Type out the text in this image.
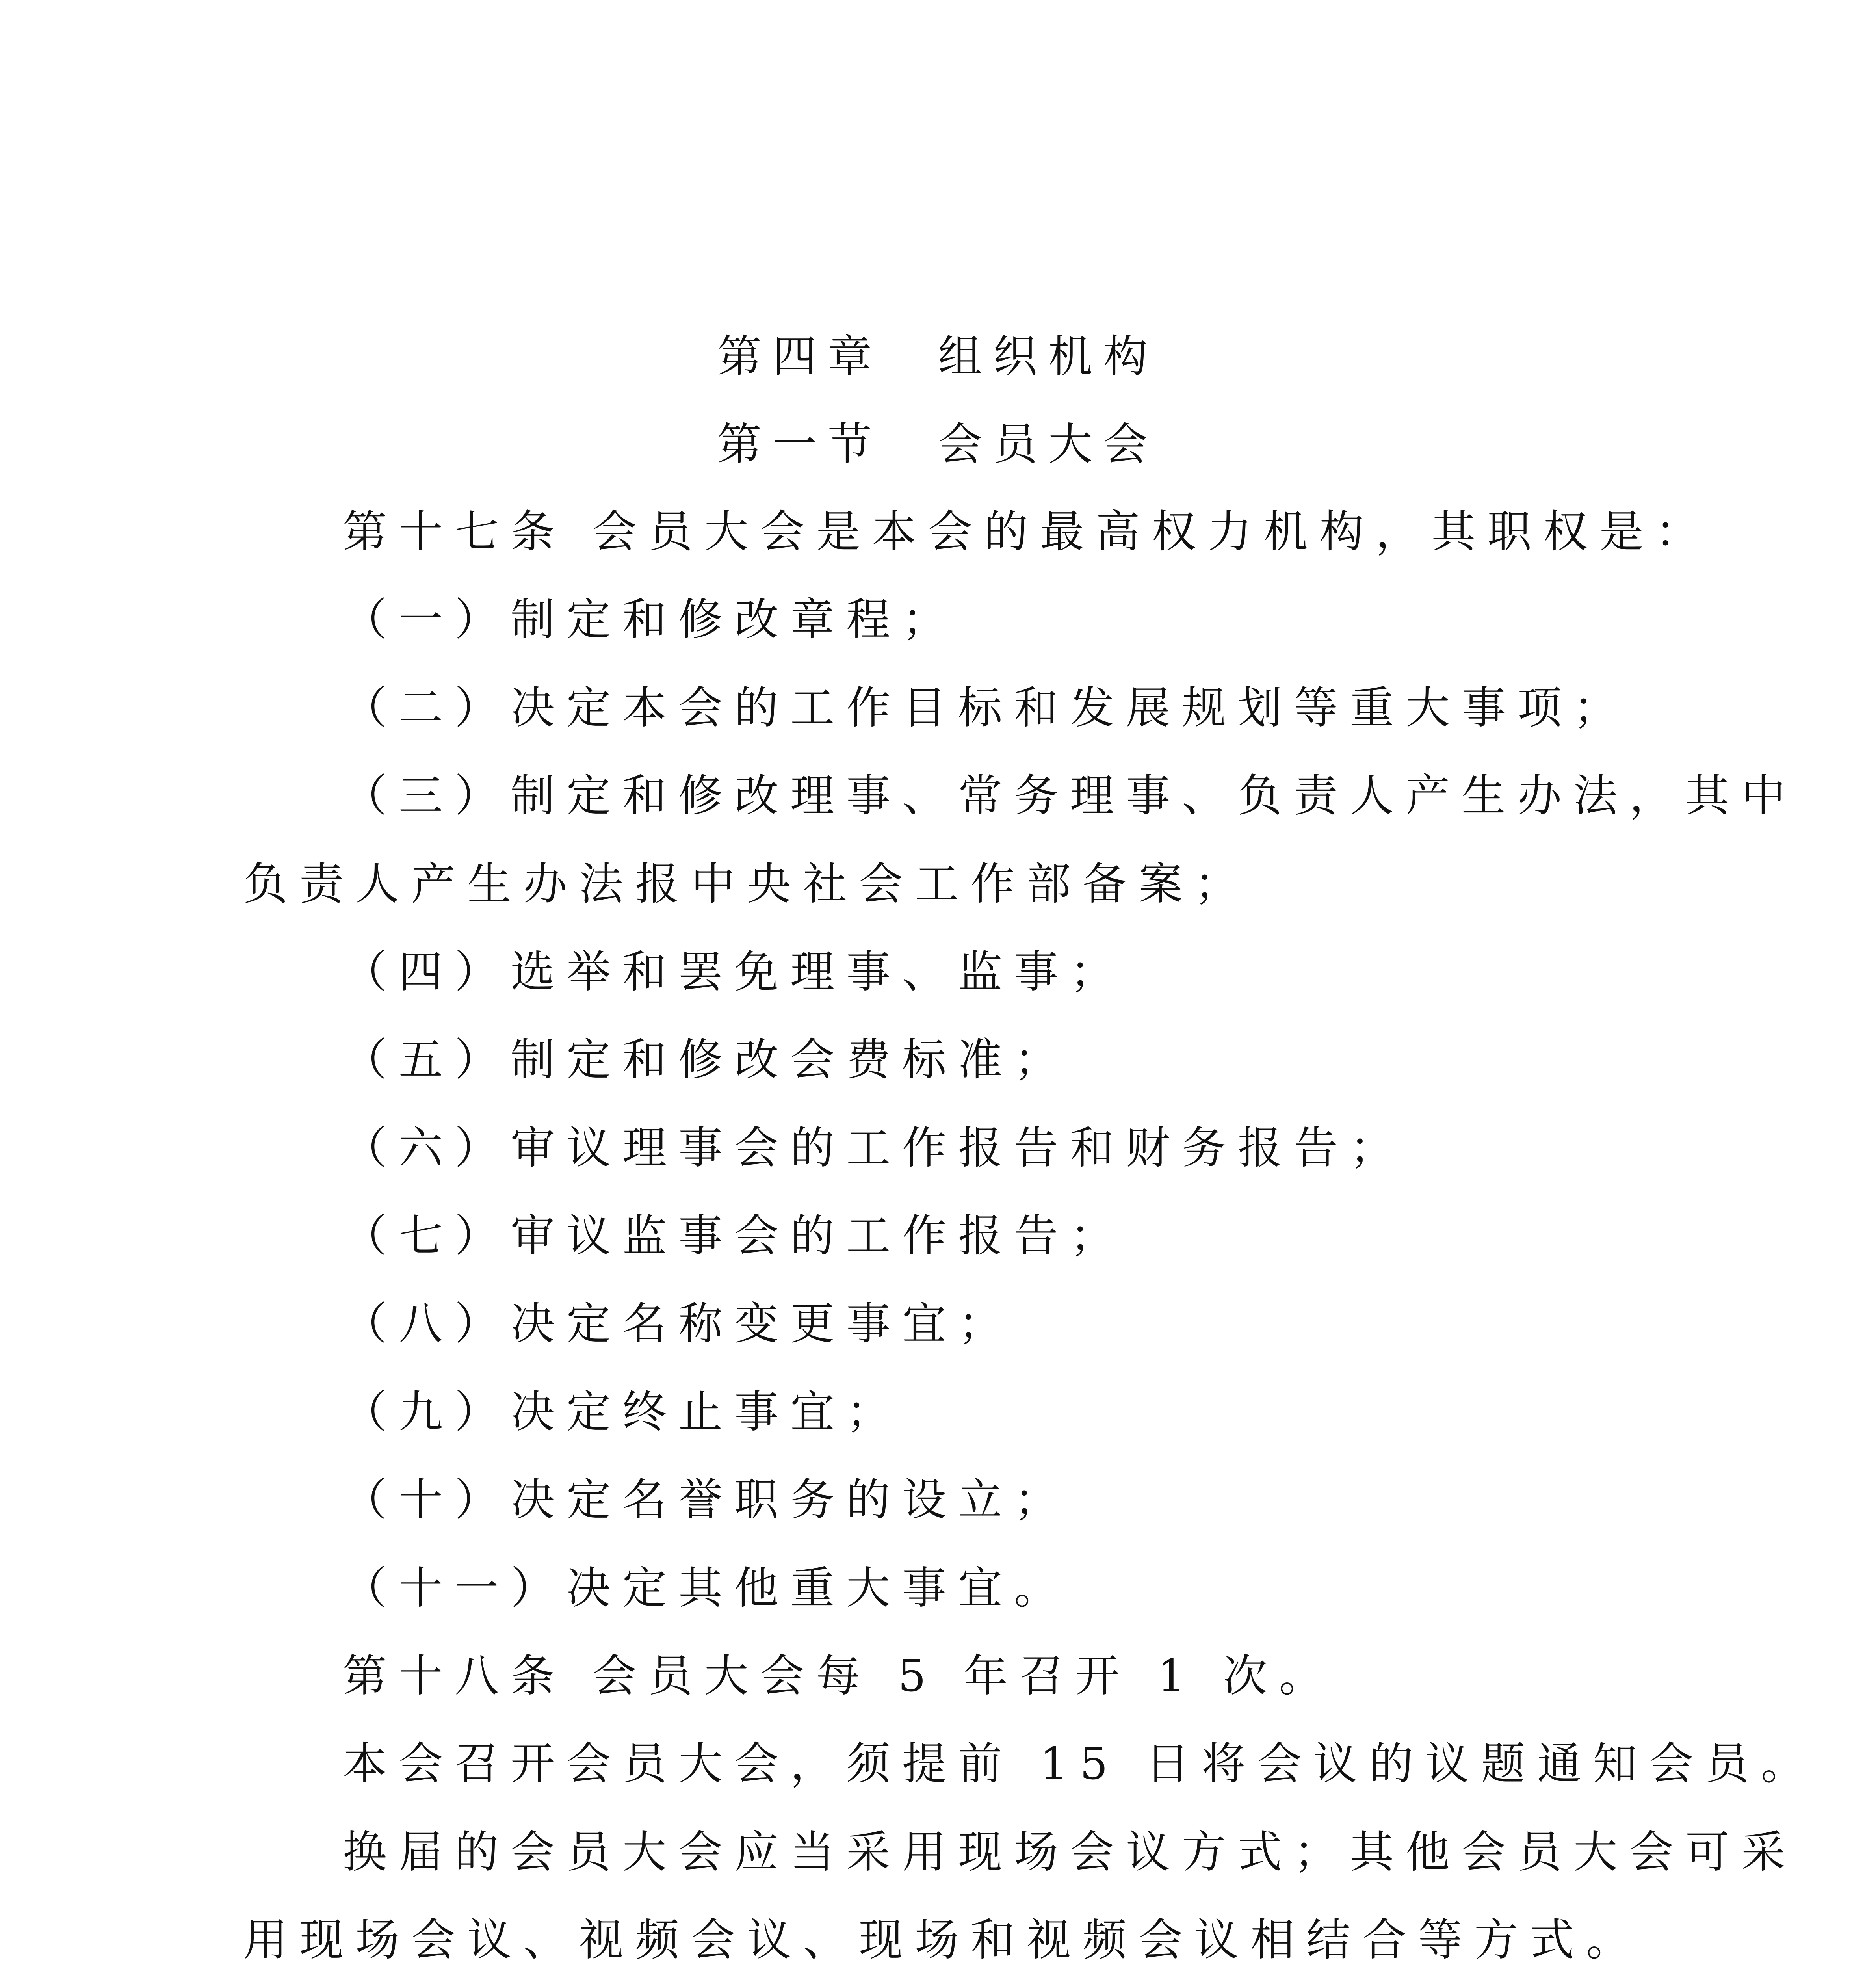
第四章　组织机构
第一节　会员大会
第十七条 会员大会是本会的最高权力机构，其职权是：
（一）制定和修改章程；
（二）决定本会的工作目标和发展规划等重大事项；
（三）制定和修改理事、常务理事、负责人产生办法，其中
负责人产生办法报中央社会工作部备案；
（四）选举和罢免理事、监事；
（五）制定和修改会费标准；
（六）审议理事会的工作报告和财务报告；
（七）审议监事会的工作报告；
（八）决定名称变更事宜；
（九）决定终止事宜；
（十）决定名誉职务的设立；
（十一）决定其他重大事宜。
第十八条 会员大会每 5 年召开 1 次。
本会召开会员大会，须提前 15 日将会议的议题通知会员。
换届的会员大会应当采用现场会议方式；其他会员大会可采
用现场会议、视频会议、现场和视频会议相结合等方式。
